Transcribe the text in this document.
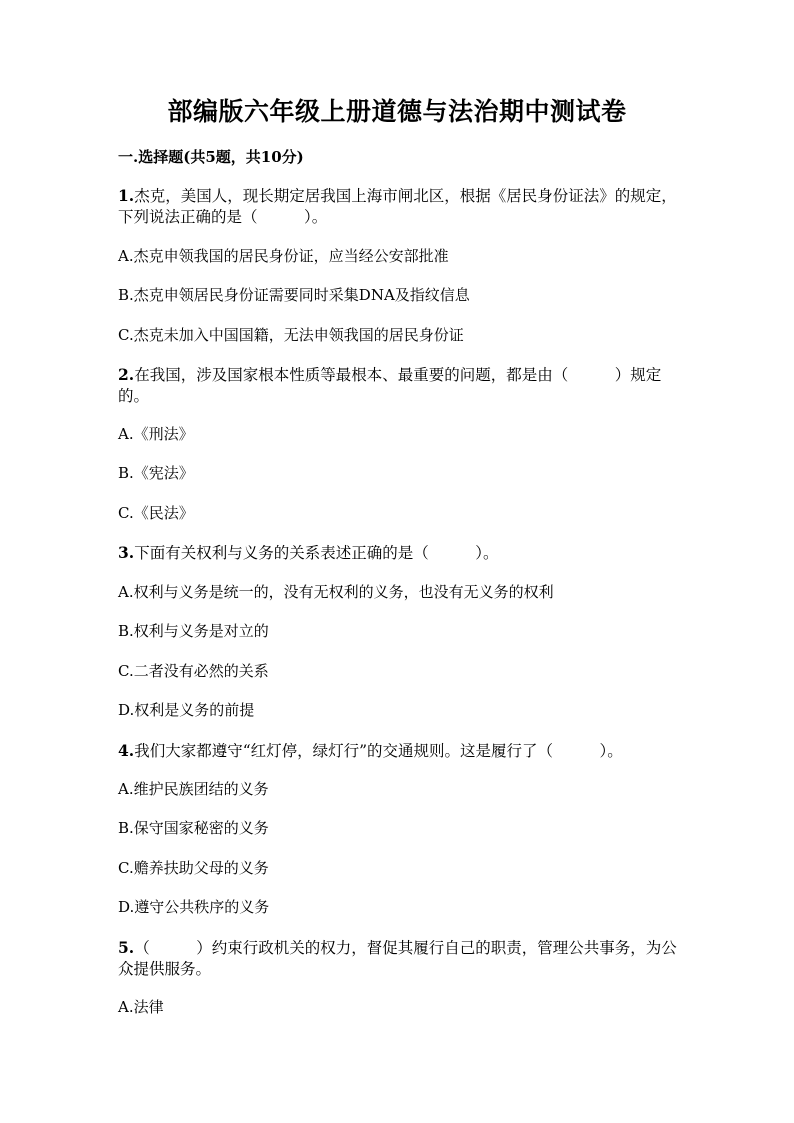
部编版六年级上册道德与法治期中测试卷
一.选择题(共5题，共10分)
1.杰克，美国人，现长期定居我国上海市闸北区，根据《居民身份证法》的规定，下列说法正确的是（　　　）。
A.杰克申领我国的居民身份证，应当经公安部批准
B.杰克申领居民身份证需要同时采集DNA及指纹信息
C.杰克未加入中国国籍，无法申领我国的居民身份证
2.在我国，涉及国家根本性质等最根本、最重要的问题，都是由（　　　）规定的。
A.《刑法》
B.《宪法》
C.《民法》
3.下面有关权利与义务的关系表述正确的是（　　　）。
A.权利与义务是统一的，没有无权利的义务，也没有无义务的权利
B.权利与义务是对立的
C.二者没有必然的关系
D.权利是义务的前提
4.我们大家都遵守“红灯停，绿灯行”的交通规则。这是履行了（　　　）。
A.维护民族团结的义务
B.保守国家秘密的义务
C.赡养扶助父母的义务
D.遵守公共秩序的义务
5.（　　　）约束行政机关的权力，督促其履行自己的职责，管理公共事务，为公众提供服务。
A.法律
